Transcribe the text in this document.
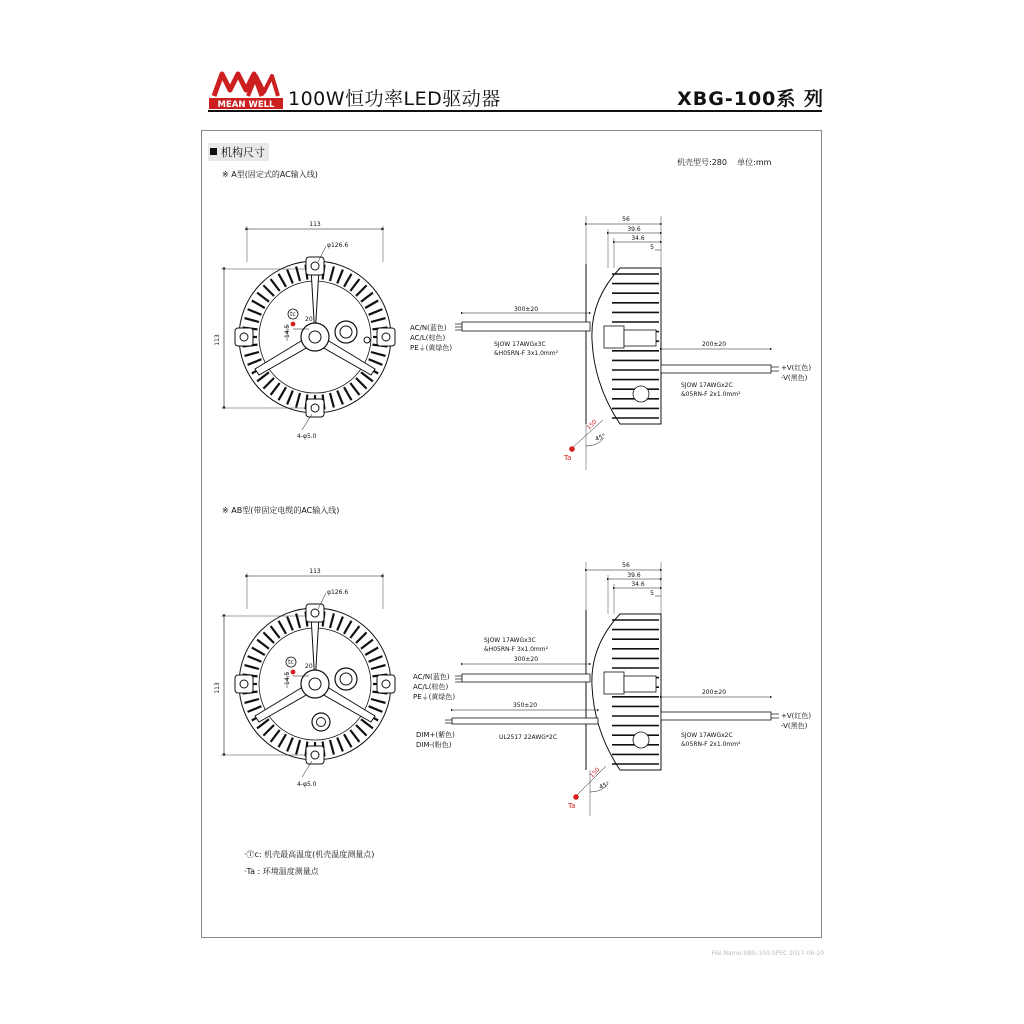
MEAN WELL 100W恒功率LED驱动器	XBG-100系 列
机构尺寸
机壳型号:280 单位:mm
※ A型(固定式的AC输入线)
※ AB型(带固定电缆的AC输入线)
tc
113
113
φ126.6
14.5
20
4-φ5.0
56
39.6
34.6
5
300±20
SJOW 17AWGx3C
&H05RN-F 3x1.0mm²
AC/N(蓝色)
AC/L(棕色)
PE⏚(黄绿色)	200±20
SJOW 17AWGx2C
&05RN-F 2x1.0mm²
+V(红色)
-V(黑色)
150
45°
Ta
tc
113
113
φ126.6
14.5
20
4-φ5.0
56
39.6
34.6
5
300±20
SJOW 17AWGx3C
&H05RN-F 3x1.0mm²
AC/N(蓝色)
AC/L(棕色)
PE⏚(黄绿色)
350±20
UL2517 22AWG*2C
DIM+(紫色)
DIM-(粉色)
200±20
SJOW 17AWGx2C
&05RN-F 2x1.0mm²
+V(红色)
-V(黑色)
150
45°
Ta
·Ⓣc: 机壳最高温度(机壳温度测量点)
·Ta : 环境温度测量点
File Name:XBG-100-SPEC 2017-06-20
